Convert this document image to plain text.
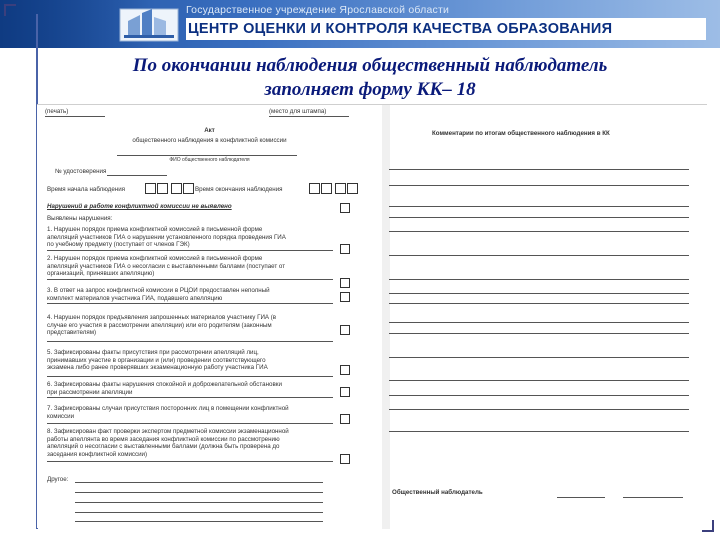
Государственное учреждение Ярославской области
ЦЕНТР ОЦЕНКИ И КОНТРОЛЯ КАЧЕСТВА ОБРАЗОВАНИЯ
По окончании наблюдения общественный наблюдатель
заполняет форму КК– 18
(печать)	(место для штампа)
Акт
общественного наблюдения в конфликтной комиссии
ФИО общественного наблюдателя
№ удостоверения
Время начала наблюдения	Время окончания наблюдения
Нарушений в работе конфликтной комиссии не выявлено
Выявлены нарушения:
1. Нарушен порядок приема конфликтной комиссией в письменной форме
апелляций участников ГИА о нарушении установленного порядка проведения ГИА
по учебному предмету (поступает от членов ГЭК)
2. Нарушен порядок приема конфликтной комиссией в письменной форме
апелляций участников ГИА о несогласии с выставленными баллами (поступает от
организаций, принявших апелляцию)
3. В ответ на запрос конфликтной комиссии в РЦОИ предоставлен неполный
комплект материалов участника ГИА, подавшего апелляцию
4. Нарушен порядок предъявления запрошенных материалов участнику ГИА (в
случае его участия в рассмотрении апелляции) или его родителям (законным
представителям)
5. Зафиксированы факты присутствия при рассмотрении апелляций лиц,
принимавших участие в организации и (или) проведении соответствующего
экзамена либо ранее проверявших экзаменационную работу участника ГИА
6. Зафиксированы факты нарушения спокойной и доброжелательной обстановки
при рассмотрении апелляции
7. Зафиксированы случаи присутствия посторонних лиц в помещении конфликтной
комиссии
8. Зафиксирован факт проверки экспертом предметной комиссии экзаменационной
работы апеллянта во время заседания конфликтной комиссии по рассмотрению
апелляций о несогласии с выставленными баллами (должна быть проверена до
заседания конфликтной комиссии)
Другое:
Комментарии по итогам общественного наблюдения в КК
Общественный наблюдатель
